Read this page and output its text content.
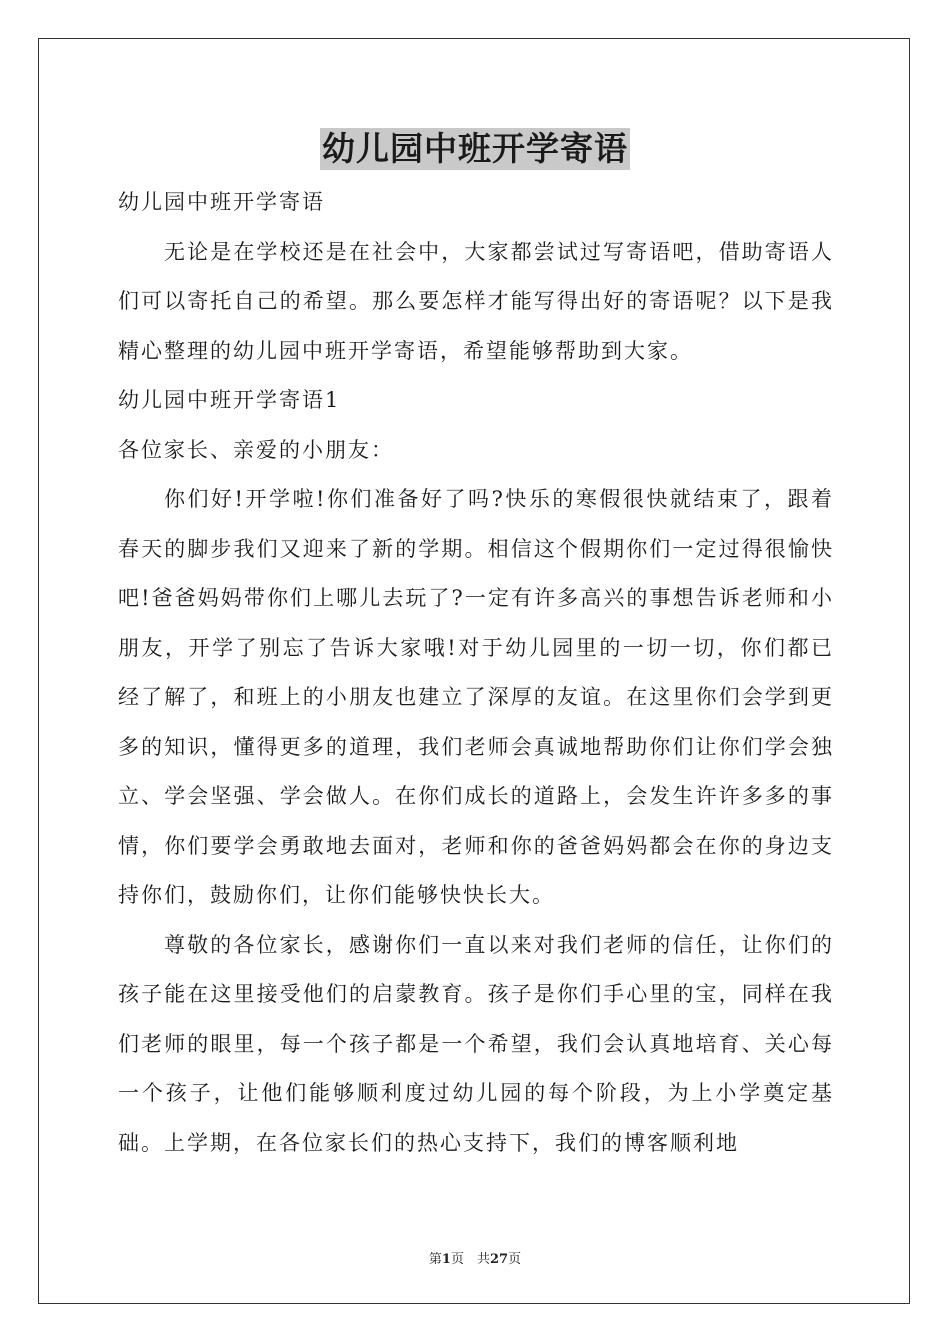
幼儿园中班开学寄语

幼儿园中班开学寄语

无论是在学校还是在社会中，大家都尝试过写寄语吧，借助寄语人们可以寄托自己的希望。那么要怎样才能写得出好的寄语呢？以下是我精心整理的幼儿园中班开学寄语，希望能够帮助到大家。

幼儿园中班开学寄语1

各位家长、亲爱的小朋友：

你们好!开学啦!你们准备好了吗?快乐的寒假很快就结束了，跟着春天的脚步我们又迎来了新的学期。相信这个假期你们一定过得很愉快吧!爸爸妈妈带你们上哪儿去玩了?一定有许多高兴的事想告诉老师和小朋友，开学了别忘了告诉大家哦!对于幼儿园里的一切一切，你们都已经了解了，和班上的小朋友也建立了深厚的友谊。在这里你们会学到更多的知识，懂得更多的道理，我们老师会真诚地帮助你们让你们学会独立、学会坚强、学会做人。在你们成长的道路上，会发生许许多多的事情，你们要学会勇敢地去面对，老师和你的爸爸妈妈都会在你的身边支持你们，鼓励你们，让你们能够快快长大。

尊敬的各位家长，感谢你们一直以来对我们老师的信任，让你们的孩子能在这里接受他们的启蒙教育。孩子是你们手心里的宝，同样在我们老师的眼里，每一个孩子都是一个希望，我们会认真地培育、关心每一个孩子，让他们能够顺利度过幼儿园的每个阶段，为上小学奠定基础。上学期，在各位家长们的热心支持下，我们的博客顺利地

第1页　共27页
